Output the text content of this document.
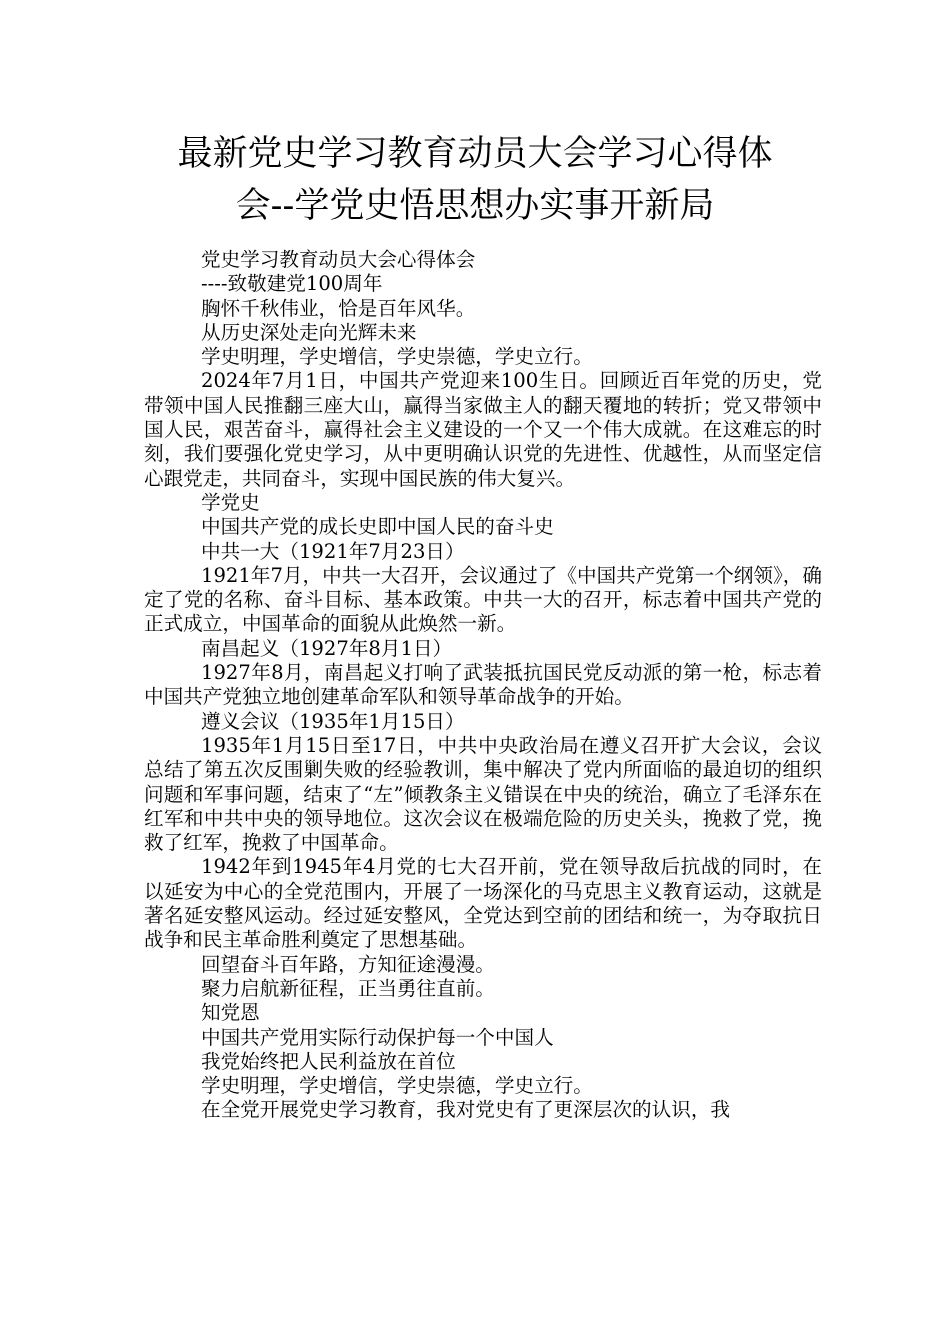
最新党史学习教育动员大会学习心得体
会--学党史悟思想办实事开新局

党史学习教育动员大会心得体会

----致敬建党100周年

胸怀千秋伟业，恰是百年风华。

从历史深处走向光辉未来

学史明理，学史增信，学史崇德，学史立行。

2024年7月1日，中国共产党迎来100生日。回顾近百年党的历史，党带领中国人民推翻三座大山，赢得当家做主人的翻天覆地的转折；党又带领中国人民，艰苦奋斗，赢得社会主义建设的一个又一个伟大成就。在这难忘的时刻，我们要强化党史学习，从中更明确认识党的先进性、优越性，从而坚定信心跟党走，共同奋斗，实现中国民族的伟大复兴。

学党史

中国共产党的成长史即中国人民的奋斗史

中共一大（1921年7月23日）

1921年7月，中共一大召开，会议通过了《中国共产党第一个纲领》，确定了党的名称、奋斗目标、基本政策。中共一大的召开，标志着中国共产党的正式成立，中国革命的面貌从此焕然一新。

南昌起义（1927年8月1日）

1927年8月，南昌起义打响了武装抵抗国民党反动派的第一枪，标志着中国共产党独立地创建革命军队和领导革命战争的开始。

遵义会议（1935年1月15日）

1935年1月15日至17日，中共中央政治局在遵义召开扩大会议，会议总结了第五次反围剿失败的经验教训，集中解决了党内所面临的最迫切的组织问题和军事问题，结束了“左”倾教条主义错误在中央的统治，确立了毛泽东在红军和中共中央的领导地位。这次会议在极端危险的历史关头，挽救了党，挽救了红军，挽救了中国革命。

1942年到1945年4月党的七大召开前，党在领导敌后抗战的同时，在以延安为中心的全党范围内，开展了一场深化的马克思主义教育运动，这就是著名延安整风运动。经过延安整风，全党达到空前的团结和统一，为夺取抗日战争和民主革命胜利奠定了思想基础。

回望奋斗百年路，方知征途漫漫。

聚力启航新征程，正当勇往直前。

知党恩

中国共产党用实际行动保护每一个中国人

我党始终把人民利益放在首位

学史明理，学史增信，学史崇德，学史立行。

在全党开展党史学习教育，我对党史有了更深层次的认识，我
